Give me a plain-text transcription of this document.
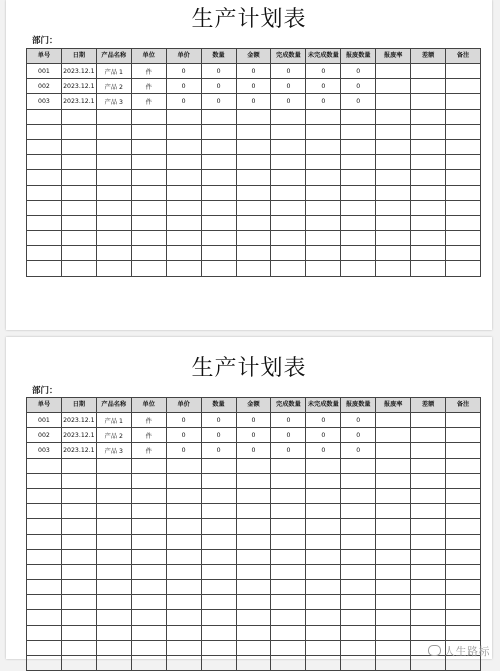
生产计划表
部门：
单号	日期	产品名称	单位	单价	数量	金额	完成数量	未完成数量	报废数量	报废率	差额	备注
001	2023.12.1	产品 1	件	0	0	0	0	0	0			
002	2023.12.1	产品 2	件	0	0	0	0	0	0			
003	2023.12.1	产品 3	件	0	0	0	0	0	0			

生产计划表
部门：
单号	日期	产品名称	单位	单价	数量	金额	完成数量	未完成数量	报废数量	报废率	差额	备注
001	2023.12.1	产品 1	件	0	0	0	0	0	0			
002	2023.12.1	产品 2	件	0	0	0	0	0	0			
003	2023.12.1	产品 3	件	0	0	0	0	0	0			

人生路标
